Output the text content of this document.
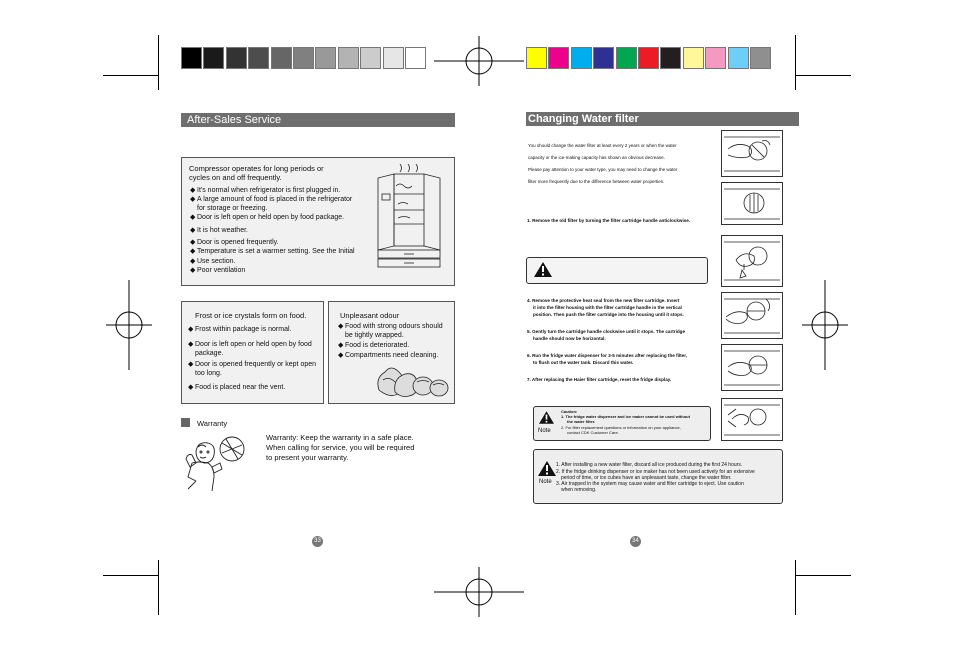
After-Sales Service
Compressor operates for long periods or
cycles on and off frequently.
◆ It's normal when refrigerator is first plugged in.
◆ A large amount of food is placed in the refrigerator
for storage or freezing.
◆ Door is left open or held open by food package.
◆ It is hot weather.
◆ Door is opened frequently.
◆ Temperature is set a warmer setting. See the Initial
◆ Use section.
◆ Poor ventilation
Frost or ice crystals form on food.
◆ Frost within package is normal.
◆ Door is left open or held open by food
package.
◆ Door is opened frequently or kept open
too long.
◆ Food is placed near the vent.
Unpleasant odour
◆ Food with strong odours should
be tightly wrapped.
◆ Food is deteriorated.
◆ Compartments need cleaning.
Warranty
Warranty: Keep the warranty in a safe place.
When calling for service, you will be required
to present your warranty.
33
Changing Water filter
You should change the water filter at least every 2 years or when the water
capacity or the ice-making capacity has shown an obvious decrease.
Please pay attention to your water type, you may need to change the water
filter more frequently due to the difference between water properties.
1. Remove the old filter by turning the filter cartridge handle anticlockwise.
4. Remove the protective heat seal from the new filter cartridge. Insert
it into the filter housing with the filter cartridge handle in the vertical
position. Then push the filter cartridge into the housing until it stops.
5. Gently turn the cartridge handle clockwise until it stops. The cartridge
handle should now be horizontal.
6. Run the fridge water dispenser for 3-5 minutes after replacing the filter,
to flush out the water tank. Discard this water.
7. After replacing the Haier filter cartridge, reset the fridge display.
Note
Caution:
1. The fridge water dispenser and ice maker cannot be used without
the water filter.
2. For filter replacement questions or information on your appliance,
contact CDK Customer Care.
Note
1. After installing a new water filter, discard all ice produced during the first 24 hours.
2. If the fridge drinking dispenser or ice maker has not been used actively for an extensive
period of time, or ice cubes have an unpleasant taste, change the water filter.
3. Air trapped in the system may cause water and filter cartridge to eject. Use caution
when removing.
34
